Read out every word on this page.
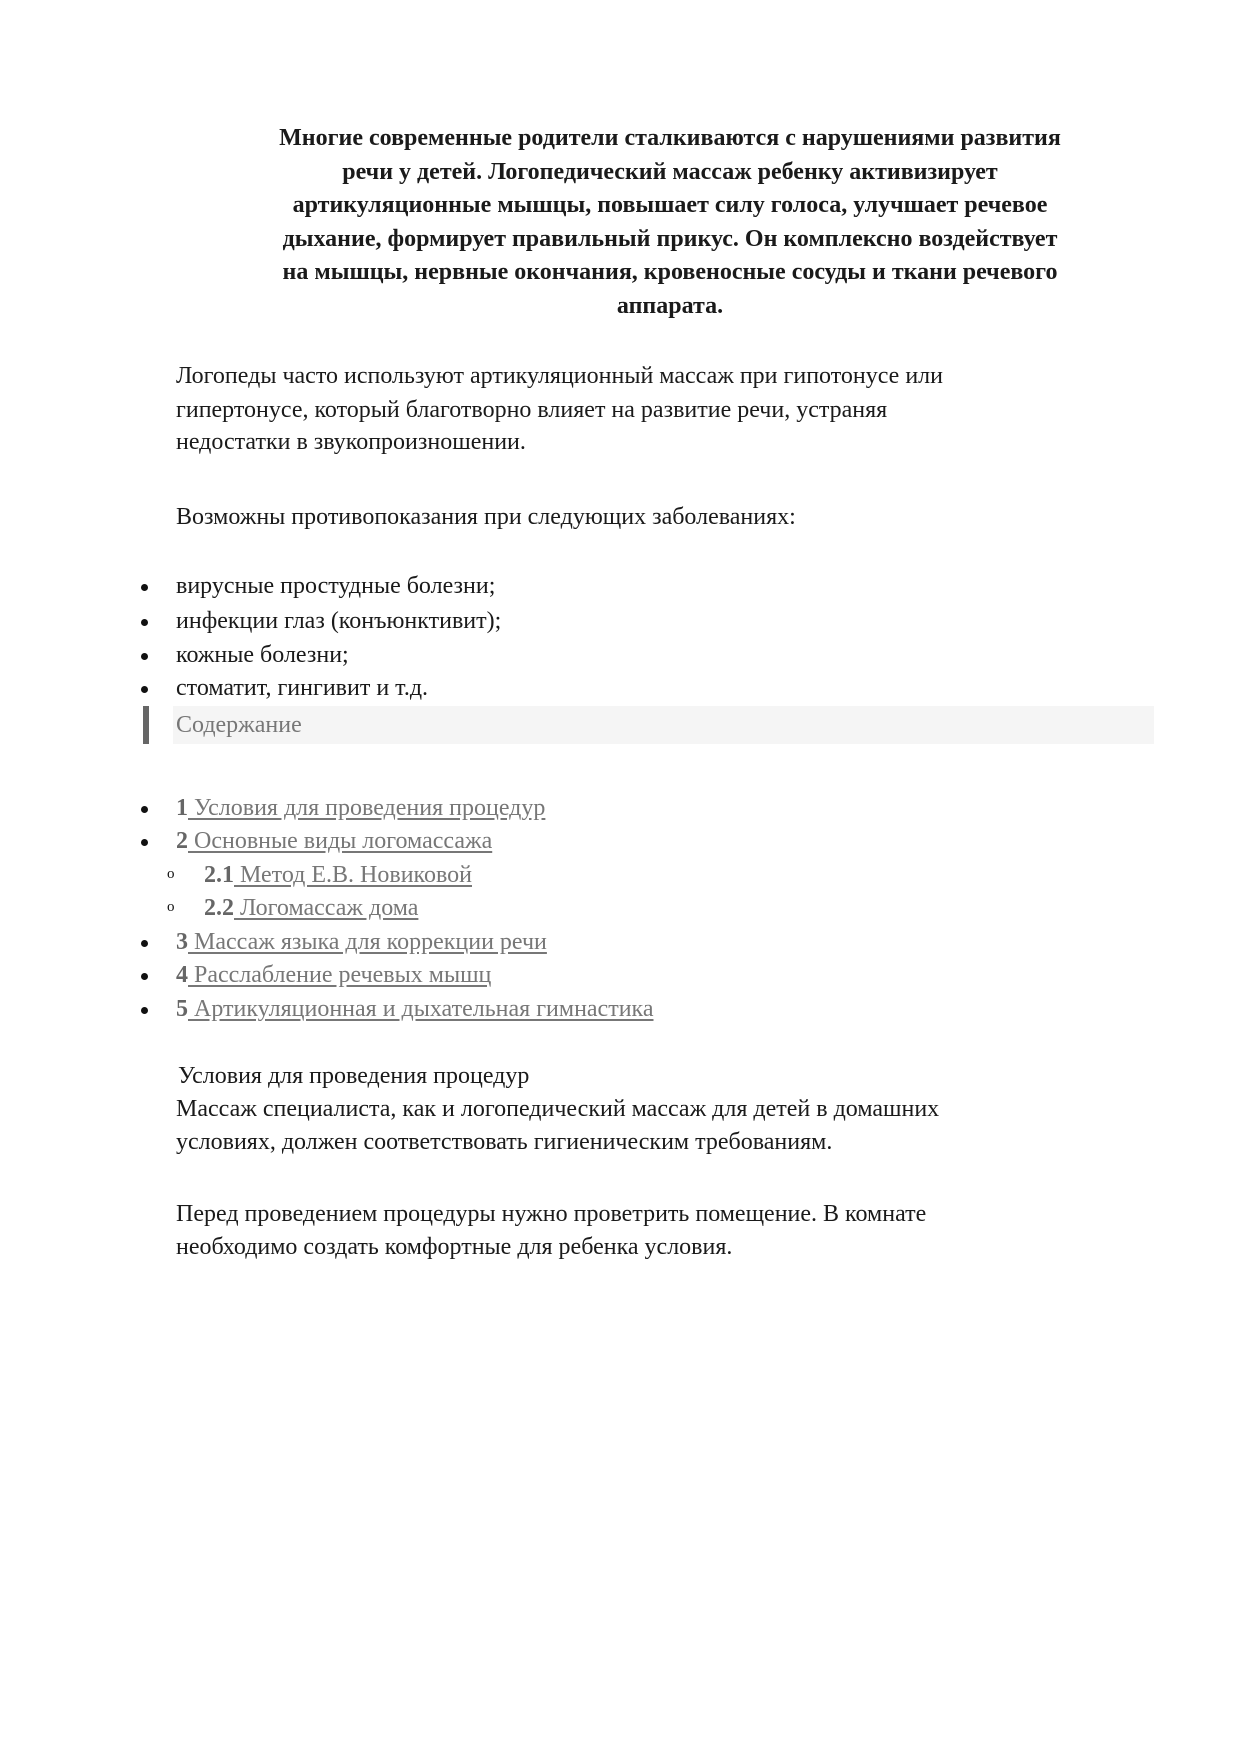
Многие современные родители сталкиваются с нарушениями развития
речи у детей. Логопедический массаж ребенку активизирует
артикуляционные мышцы, повышает силу голоса, улучшает речевое
дыхание, формирует правильный прикус. Он комплексно воздействует
на мышцы, нервные окончания, кровеносные сосуды и ткани речевого
аппарата.
Логопеды часто используют артикуляционный массаж при гипотонусе или
гипертонусе, который благотворно влияет на развитие речи, устраняя
недостатки в звукопроизношении.
Возможны противопоказания при следующих заболеваниях:
вирусные простудные болезни;
инфекции глаз (конъюнктивит);
кожные болезни;
стоматит, гингивит и т.д.
Содержание
1 Условия для проведения процедур
2 Основные виды логомассажа
o 2.1 Метод Е.В. Новиковой
o 2.2 Логомассаж дома
3 Массаж языка для коррекции речи
4 Расслабление речевых мышц
5 Артикуляционная и дыхательная гимнастика
Условия для проведения процедур
Массаж специалиста, как и логопедический массаж для детей в домашних
условиях, должен соответствовать гигиеническим требованиям.
Перед проведением процедуры нужно проветрить помещение. В комнате
необходимо создать комфортные для ребенка условия.
